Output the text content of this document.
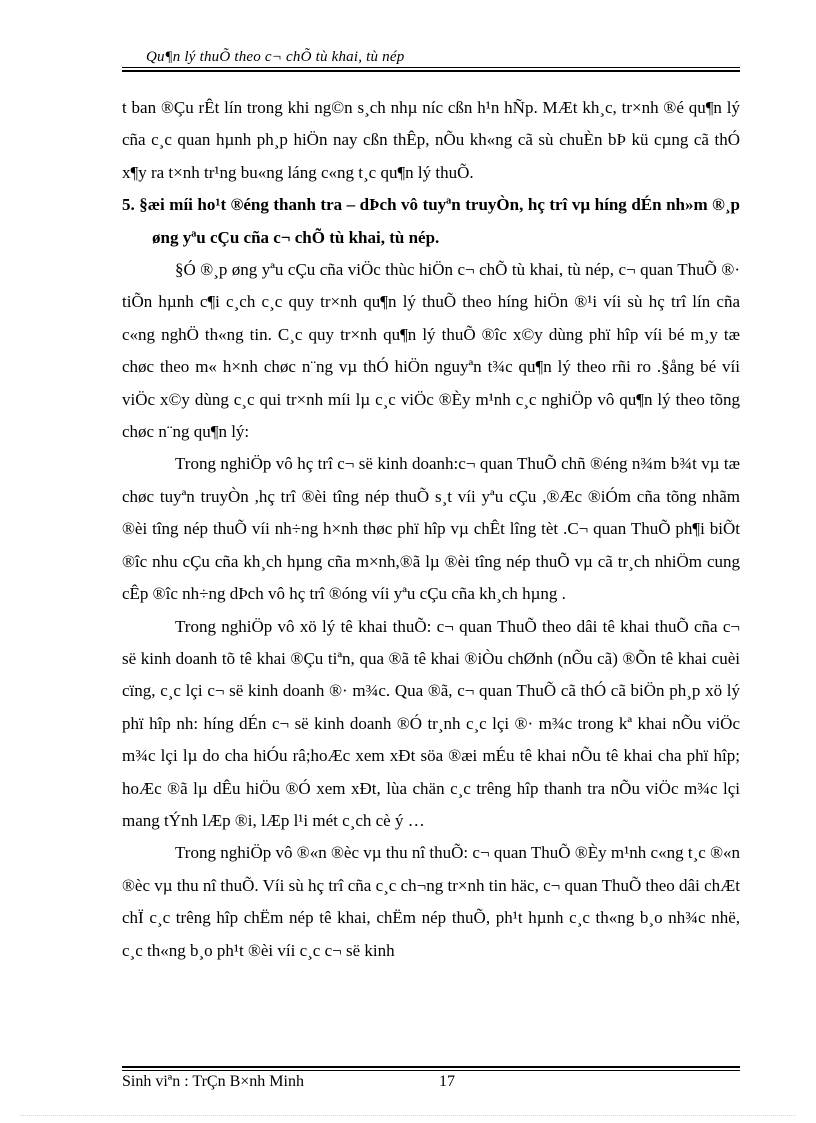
Qu¶n lý thuÕ theo c¬ chÕ tù khai, tù nép

t ban ®Çu rÊt lín trong khi ng©n s¸ch nhµ níc cßn h¹n hÑp. MÆt kh¸c, tr×nh ®é qu¶n lý cña c¸c quan hµnh ph¸p hiÖn nay cßn thÊp, nÕu kh«ng cã sù chuÈn bÞ kü cµng cã thÓ x¶y ra t×nh tr¹ng bu«ng láng c«ng t¸c qu¶n lý thuÕ.

5. §æi míi ho¹t ®éng thanh tra – dÞch vô tuyªn truyÒn, hç trî vµ híng dÉn nh»m ®¸p øng yªu cÇu cña c¬ chÕ tù khai, tù nép.

§Ó ®¸p øng yªu cÇu cña viÖc thùc hiÖn c¬ chÕ tù khai, tù nép, c¬ quan ThuÕ ®· tiÕn hµnh c¶i c¸ch c¸c quy tr×nh qu¶n lý thuÕ theo híng hiÖn ®¹i víi sù hç trî lín cña c«ng nghÖ th«ng tin. C¸c quy tr×nh qu¶n lý thuÕ ®îc x©y dùng phï hîp víi bé m¸y tæ chøc theo m« h×nh chøc n¨ng vµ thÓ hiÖn nguyªn t¾c qu¶n lý theo rñi ro .§ång bé víi viÖc x©y dùng c¸c qui tr×nh míi lµ c¸c viÖc ®Èy m¹nh c¸c nghiÖp vô qu¶n lý theo tõng chøc n¨ng qu¶n lý:

Trong nghiÖp vô hç trî c¬ së kinh doanh:c¬ quan ThuÕ chñ ®éng n¾m b¾t vµ tæ chøc tuyªn truyÒn ,hç trî ®èi tîng nép thuÕ s¸t víi yªu cÇu ,®Æc ®iÓm cña tõng nhãm ®èi tîng nép thuÕ víi nh÷ng h×nh thøc phï hîp vµ chÊt lîng tèt .C¬ quan ThuÕ ph¶i biÕt ®îc nhu cÇu cña kh¸ch hµng cña m×nh,®ã lµ ®èi tîng nép thuÕ vµ cã tr¸ch nhiÖm cung cÊp ®îc nh÷ng dÞch vô hç trî ®óng víi yªu cÇu cña kh¸ch hµng .

Trong nghiÖp vô xö lý tê khai thuÕ: c¬ quan ThuÕ theo dâi tê khai thuÕ cña c¬ së kinh doanh tõ tê khai ®Çu tiªn, qua ®ã tê khai ®iÒu chØnh (nÕu cã) ®Õn tê khai cuèi cïng, c¸c lçi c¬ së kinh doanh ®· m¾c. Qua ®ã, c¬ quan ThuÕ cã thÓ cã biÖn ph¸p xö lý phï hîp nh: híng dÉn c¬ së kinh doanh ®Ó tr¸nh c¸c lçi ®· m¾c trong kª khai nÕu viÖc m¾c lçi lµ do cha hiÓu râ;hoÆc xem xÐt söa ®æi mÉu tê khai nÕu tê khai cha phï hîp; hoÆc ®ã lµ dÊu hiÖu ®Ó xem xÐt, lùa chän c¸c trêng hîp thanh tra nÕu viÖc m¾c lçi mang tÝnh lÆp ®i, lÆp l¹i mét c¸ch cè ý …

Trong nghiÖp vô ®«n ®èc vµ thu nî thuÕ: c¬ quan ThuÕ ®Èy m¹nh c«ng t¸c ®«n ®èc vµ thu nî thuÕ. Víi sù hç trî cña c¸c ch¬ng tr×nh tin häc, c¬ quan ThuÕ theo dâi chÆt chÏ c¸c trêng hîp chËm nép tê khai, chËm nép thuÕ, ph¹t hµnh c¸c th«ng b¸o nh¾c nhë, c¸c th«ng b¸o ph¹t ®èi víi c¸c c¬ së kinh

Sinh viªn : TrÇn B×nh Minh	17
